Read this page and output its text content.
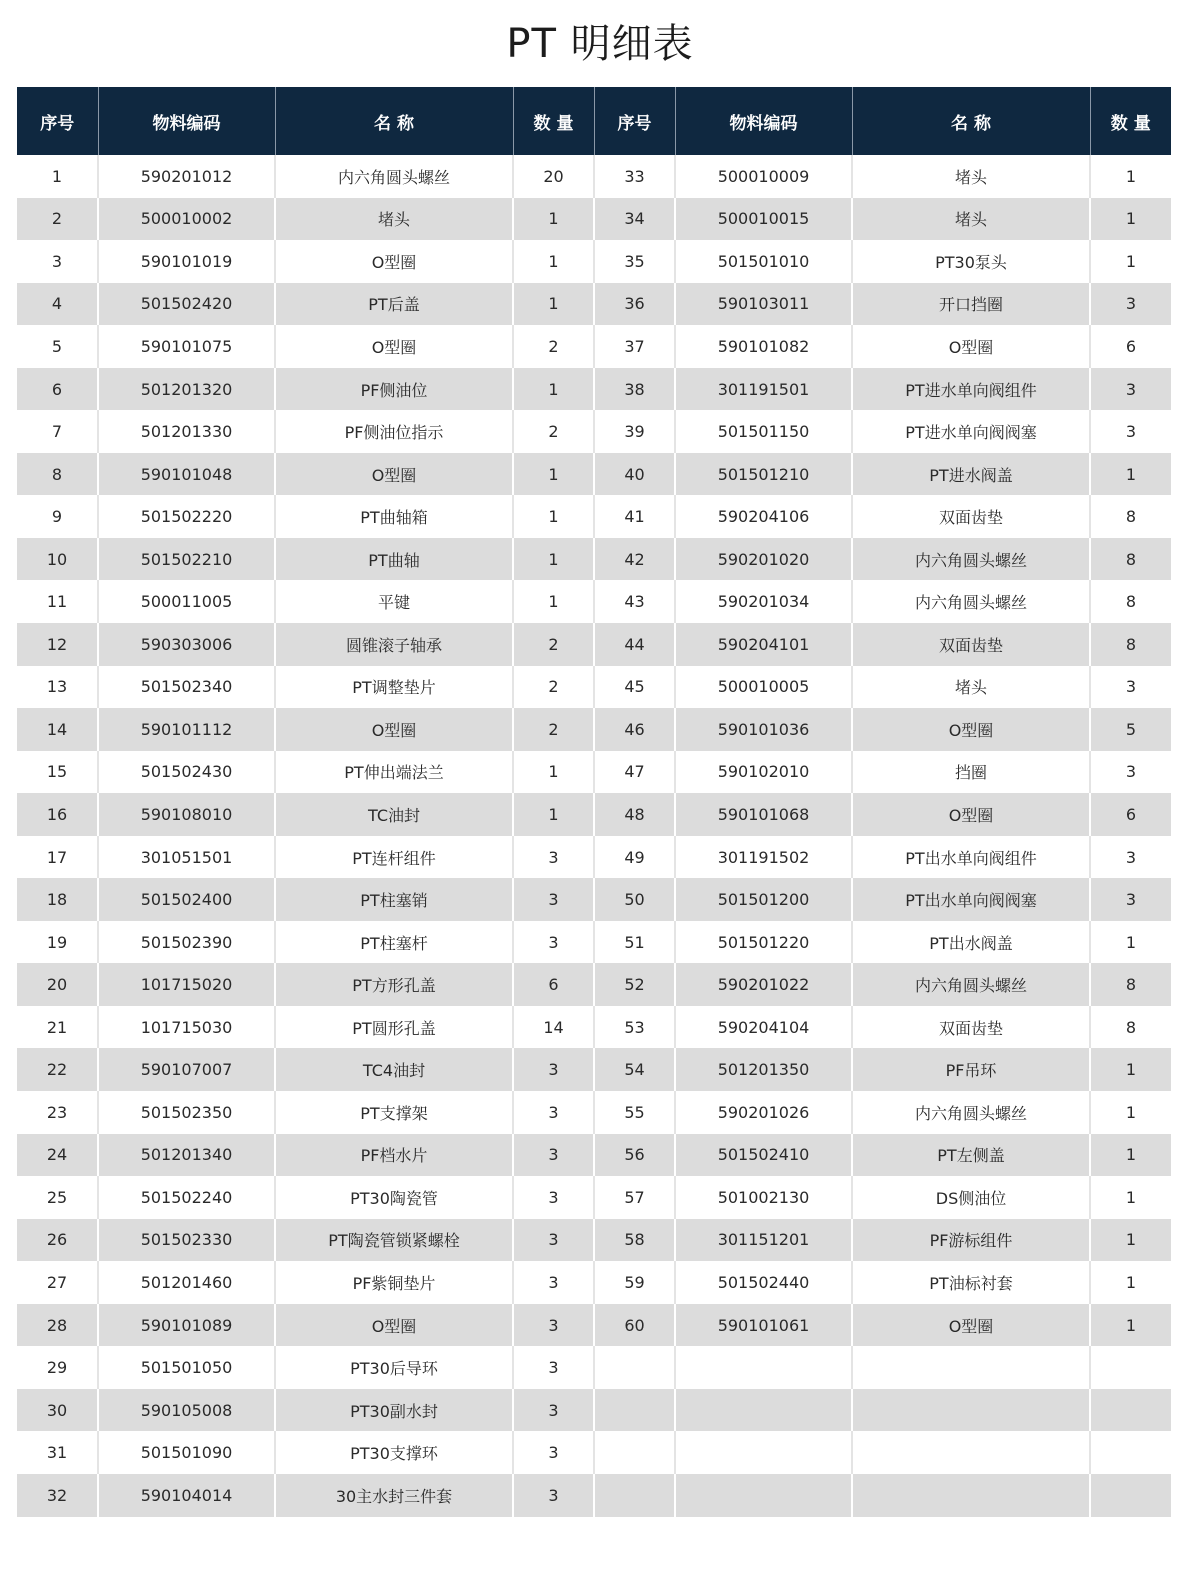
PT 明细表
序号	物料编码	名 称	数 量	序号	物料编码	名 称	数 量
1	590201012	内六角圆头螺丝	20	33	500010009	堵头	1
2	500010002	堵头	1	34	500010015	堵头	1
3	590101019	O型圈	1	35	501501010	PT30泵头	1
4	501502420	PT后盖	1	36	590103011	开口挡圈	3
5	590101075	O型圈	2	37	590101082	O型圈	6
6	501201320	PF侧油位	1	38	301191501	PT进水单向阀组件	3
7	501201330	PF侧油位指示	2	39	501501150	PT进水单向阀阀塞	3
8	590101048	O型圈	1	40	501501210	PT进水阀盖	1
9	501502220	PT曲轴箱	1	41	590204106	双面齿垫	8
10	501502210	PT曲轴	1	42	590201020	内六角圆头螺丝	8
11	500011005	平键	1	43	590201034	内六角圆头螺丝	8
12	590303006	圆锥滚子轴承	2	44	590204101	双面齿垫	8
13	501502340	PT调整垫片	2	45	500010005	堵头	3
14	590101112	O型圈	2	46	590101036	O型圈	5
15	501502430	PT伸出端法兰	1	47	590102010	挡圈	3
16	590108010	TC油封	1	48	590101068	O型圈	6
17	301051501	PT连杆组件	3	49	301191502	PT出水单向阀组件	3
18	501502400	PT柱塞销	3	50	501501200	PT出水单向阀阀塞	3
19	501502390	PT柱塞杆	3	51	501501220	PT出水阀盖	1
20	101715020	PT方形孔盖	6	52	590201022	内六角圆头螺丝	8
21	101715030	PT圆形孔盖	14	53	590204104	双面齿垫	8
22	590107007	TC4油封	3	54	501201350	PF吊环	1
23	501502350	PT支撑架	3	55	590201026	内六角圆头螺丝	1
24	501201340	PF档水片	3	56	501502410	PT左侧盖	1
25	501502240	PT30陶瓷管	3	57	501002130	DS侧油位	1
26	501502330	PT陶瓷管锁紧螺栓	3	58	301151201	PF游标组件	1
27	501201460	PF紫铜垫片	3	59	501502440	PT油标衬套	1
28	590101089	O型圈	3	60	590101061	O型圈	1
29	501501050	PT30后导环	3				
30	590105008	PT30副水封	3				
31	501501090	PT30支撑环	3				
32	590104014	30主水封三件套	3				
